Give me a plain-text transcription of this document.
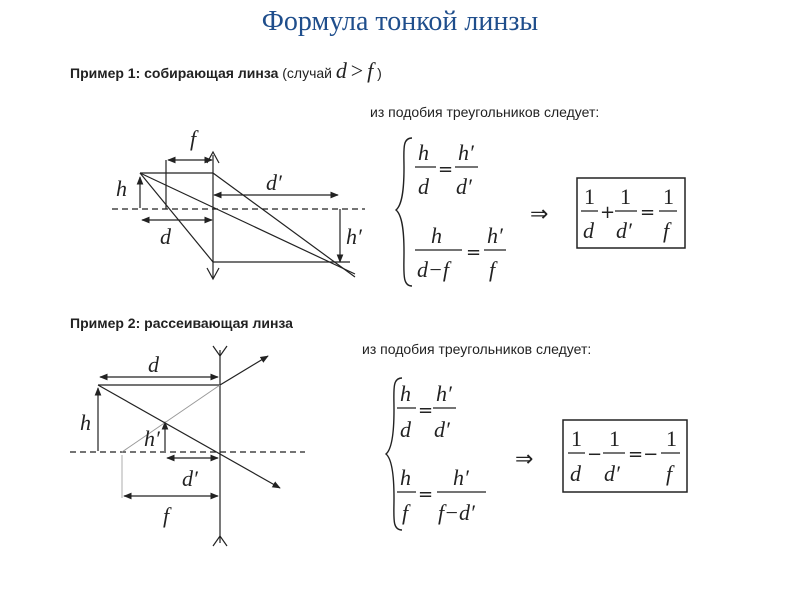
Формула тонкой линзы
Пример 1: собирающая линза (случай d > f )
из подобия треугольников следует:
Пример 2: рассеивающая линза
из подобия треугольников следует:
f
h
d
d′
h′
h
d
=
h′
d′
h
d−f
=
h′
f
⇒
1
d
+
1
d′
=
1
f
d
h
h′
d′
f
h
d
=
h′
d′
h
f
=
h′
f−d′
⇒
1
d
−
1
d′
=−
1
f
